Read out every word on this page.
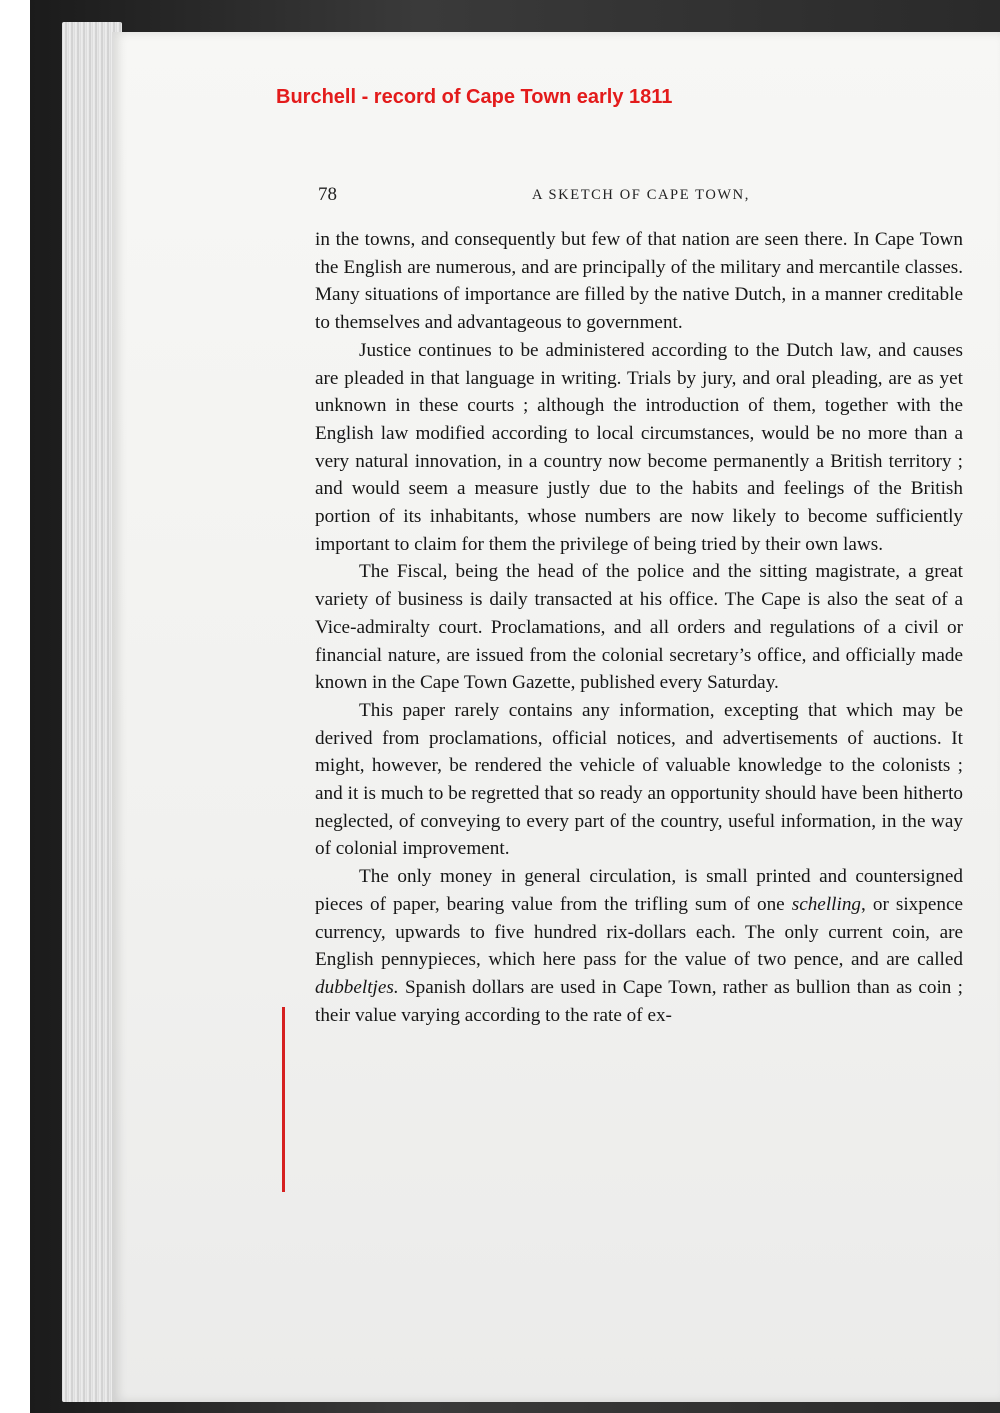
Burchell - record of Cape Town early 1811
78	A SKETCH OF CAPE TOWN,

in the towns, and consequently but few of that nation are seen there. In Cape Town the English are numerous, and are principally of the military and mercantile classes. Many situations of importance are filled by the native Dutch, in a manner creditable to themselves and advantageous to government.

Justice continues to be administered according to the Dutch law, and causes are pleaded in that language in writing. Trials by jury, and oral pleading, are as yet unknown in these courts ; although the introduction of them, together with the English law modified according to local circumstances, would be no more than a very natural innovation, in a country now become permanently a British territory ; and would seem a measure justly due to the habits and feelings of the British portion of its inhabitants, whose numbers are now likely to become sufficiently important to claim for them the privilege of being tried by their own laws.

The Fiscal, being the head of the police and the sitting magistrate, a great variety of business is daily transacted at his office. The Cape is also the seat of a Vice-admiralty court. Proclamations, and all orders and regulations of a civil or financial nature, are issued from the colonial secretary’s office, and officially made known in the Cape Town Gazette, published every Saturday.

This paper rarely contains any information, excepting that which may be derived from proclamations, official notices, and advertisements of auctions. It might, however, be rendered the vehicle of valuable knowledge to the colonists ; and it is much to be regretted that so ready an opportunity should have been hitherto neglected, of conveying to every part of the country, useful information, in the way of colonial improvement.

The only money in general circulation, is small printed and countersigned pieces of paper, bearing value from the trifling sum of one schelling, or sixpence currency, upwards to five hundred rix-dollars each. The only current coin, are English pennypieces, which here pass for the value of two pence, and are called dubbeltjes. Spanish dollars are used in Cape Town, rather as bullion than as coin ; their value varying according to the rate of ex-
